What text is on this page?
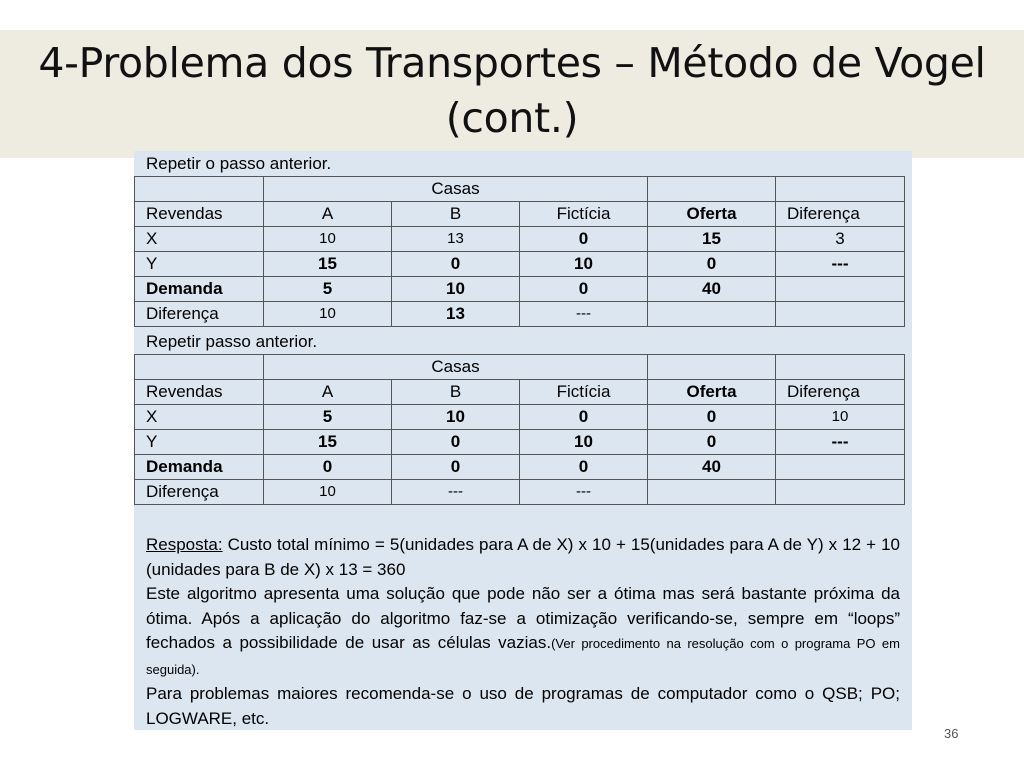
4-Problema dos Transportes – Método de Vogel (cont.)
Repetir o passo anterior.
	Casas				
Revendas	A	B	Fictícia	Oferta	Diferença
X	10	13	0	15	3
Y	15	0	10	0	---
Demanda	5	10	0	40	
Diferença	10	13	---		
Repetir passo anterior.
	Casas				
Revendas	A	B	Fictícia	Oferta	Diferença
X	5	10	0	0	10
Y	15	0	10	0	---
Demanda	0	0	0	40	
Diferença	10	---	---		

Resposta: Custo total mínimo = 5(unidades para A de X) x 10 + 15(unidades para A de Y) x 12 + 10 (unidades para B de X) x 13 = 360

Este algoritmo apresenta uma solução que pode não ser a ótima mas será bastante próxima da ótima. Após a aplicação do algoritmo faz-se a otimização verificando-se, sempre em “loops” fechados a possibilidade de usar as células vazias.(Ver procedimento na resolução com o programa PO em seguida).

Para problemas maiores recomenda-se o uso de programas de computador como o QSB; PO; LOGWARE, etc.

36
